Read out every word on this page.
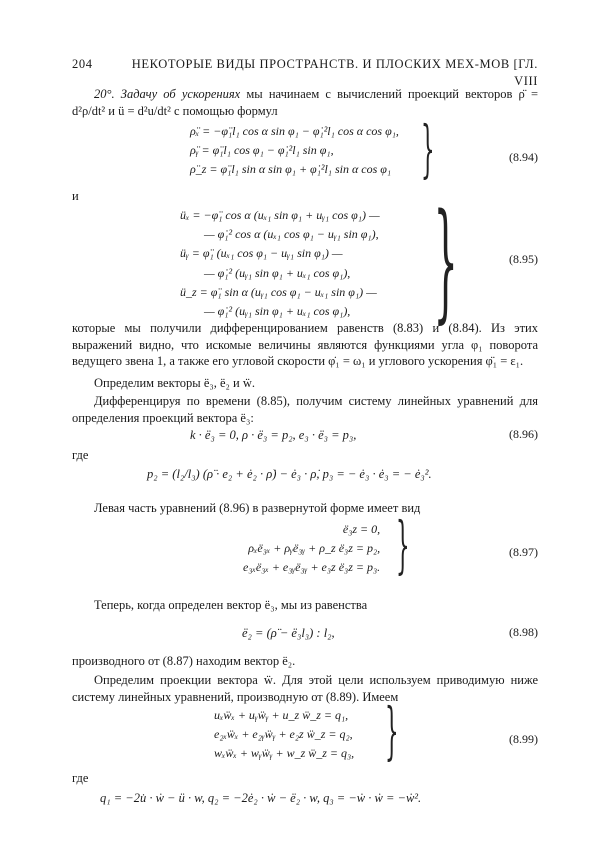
204	НЕКОТОРЫЕ ВИДЫ ПРОСТРАНСТВ. И ПЛОСКИХ МЕХ-МОВ [ГЛ. VIII
20°. Задачу об ускорениях мы начинаем с вычислений проекций векторов ρ̈ = d²ρ/dt² и ü = d²u/dt² с помощью формул
ρ̈ₓ = −φ̈₁l₁ cos α sin φ₁ − φ̇₁²l₁ cos α cos φ₁,
ρ̈ᵧ = φ̈₁l₁ cos φ₁ − φ̇₁²l₁ sin φ₁,
ρ̈_z = φ̈₁l₁ sin α sin φ₁ + φ̇₁²l₁ sin α cos φ₁ }	(8.94)
и
üₓ = −φ̈₁ cos α (uₓ₁ sin φ₁ + uᵧ₁ cos φ₁) —
— φ̇₁² cos α (uₓ₁ cos φ₁ − uᵧ₁ sin φ₁),
üᵧ = φ̈₁ (uₓ₁ cos φ₁ − uᵧ₁ sin φ₁) —
— φ̇₁² (uᵧ₁ sin φ₁ + uₓ₁ cos φ₁),
ü_z = φ̈₁ sin α (uᵧ₁ cos φ₁ − uₓ₁ sin φ₁) —
— φ̇₁² (uᵧ₁ sin φ₁ + uₓ₁ cos φ₁), }	(8.95)
которые мы получили дифференцированием равенств (8.83) и (8.84). Из этих выражений видно, что искомые величины являются функциями угла φ₁ поворота ведущего звена 1, а также его угловой скорости φ̇₁ = ω₁ и углового ускорения φ̈₁ = ε₁.
Определим векторы ë₃, ë₂ и ẅ.
Дифференцируя по времени (8.85), получим систему линейных уравнений для определения проекций вектора ë₃:
k · ë₃ = 0, ρ · ë₃ = p₂, e₃ · ë₃ = p₃,	(8.96)
где
p₂ = (l₂/l₃) (ρ̈ · e₂ + ė₂ · ρ̇) − ė₃ · ρ̇, p₃ = − ė₃ · ė₃ = − ė₃².
Левая часть уравнений (8.96) в развернутой форме имеет вид
ë₃z = 0,
ρₓë₃ₓ + ρᵧë₃ᵧ + ρ_z ë₃z = p₂,
e₃ₓë₃ₓ + e₃ᵧë₃ᵧ + e₃z ë₃z = p₃. }	(8.97)
Теперь, когда определен вектор ë₃, мы из равенства
ë₂ = (ρ̈ − ë₃l₃) : l₂,	(8.98)
производного от (8.87) находим вектор ë₂.
Определим проекции вектора ẅ. Для этой цели используем приводимую ниже систему линейных уравнений, производную от (8.89). Имеем
uₓẅₓ + uᵧẅᵧ + u_z ẅ_z = q₁,
e₂ₓẅₓ + e₂ᵧẅᵧ + e₂z ẅ_z = q₂,
wₓẅₓ + wᵧẅᵧ + w_z ẅ_z = q₃, }	(8.99)
где
q₁ = −2u̇ · ẇ − ü · w, q₂ = −2ė₂ · ẇ − ë₂ · w, q₃ = −ẇ · ẇ = −ẇ².
